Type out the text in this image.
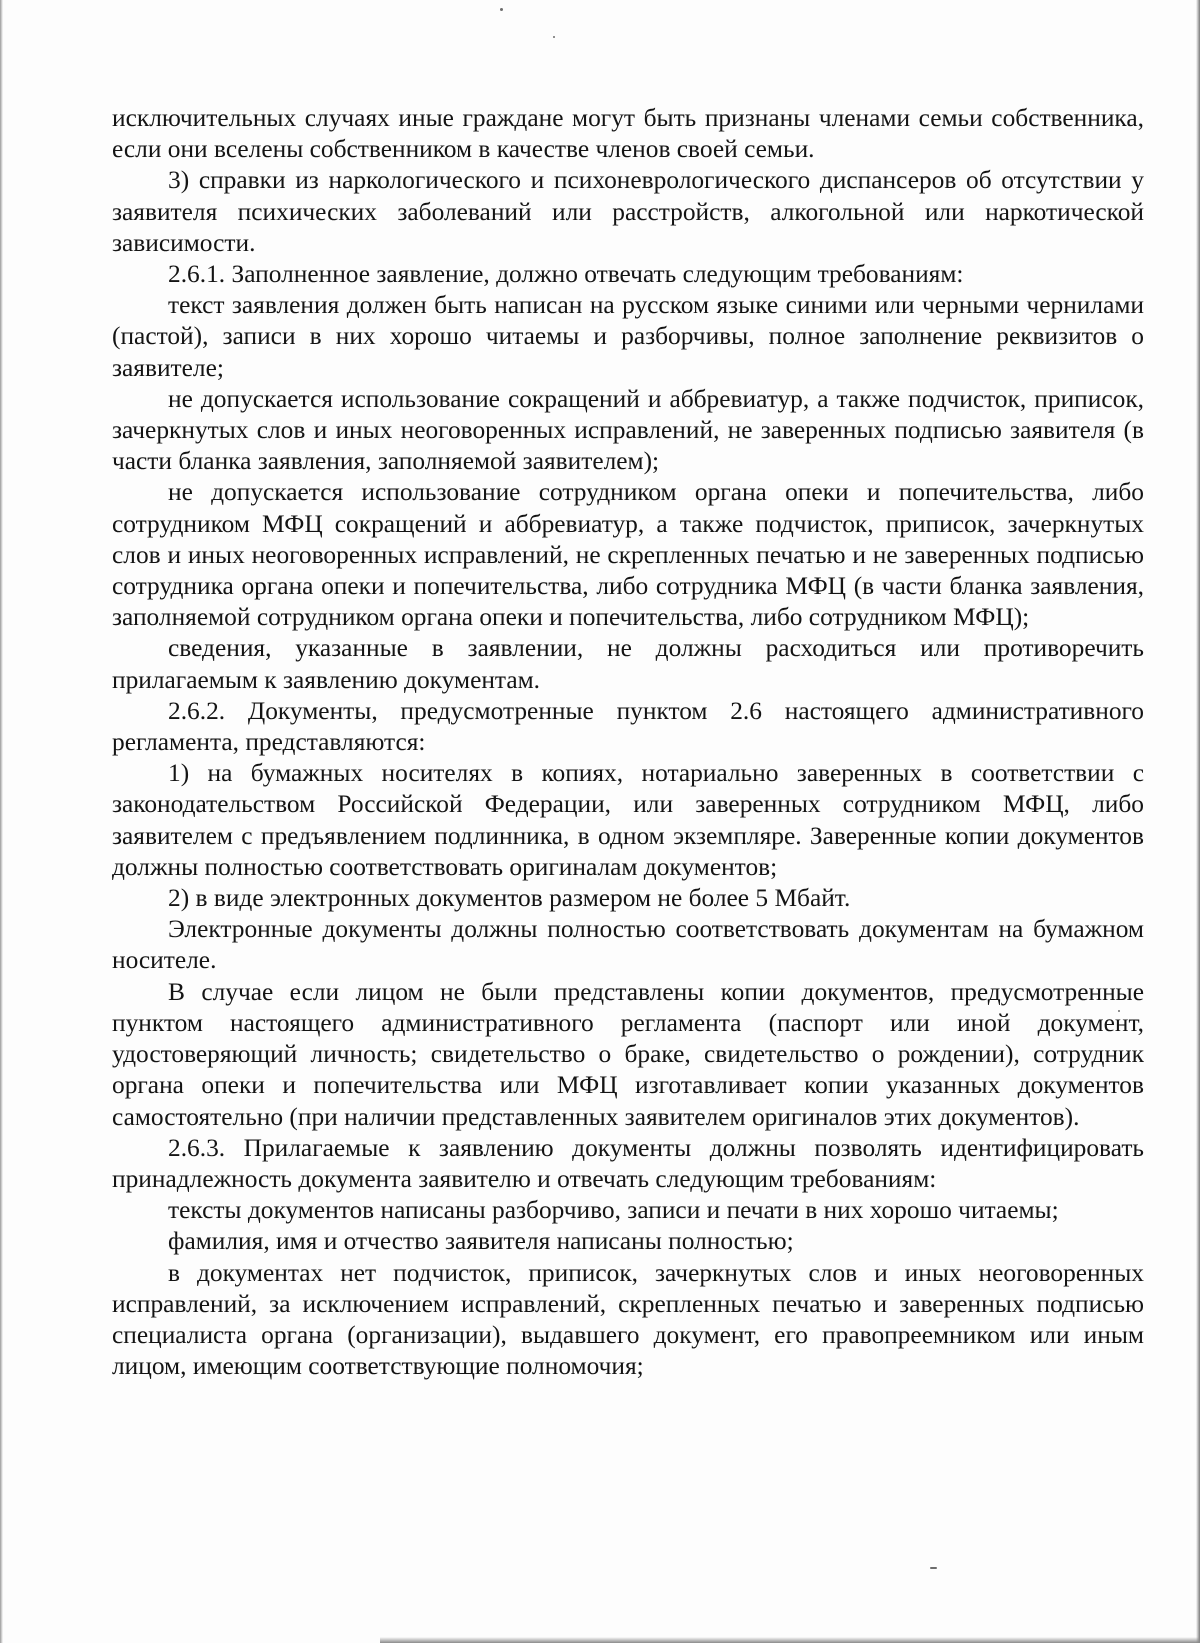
исключительных случаях иные граждане могут быть признаны членами семьи собственника, если они вселены собственником в качестве членов своей семьи.

3) справки из наркологического и психоневрологического диспансеров об отсутствии у заявителя психических заболеваний или расстройств, алкогольной или наркотической зависимости.

2.6.1. Заполненное заявление, должно отвечать следующим требованиям:

текст заявления должен быть написан на русском языке синими или черными чернилами (пастой), записи в них хорошо читаемы и разборчивы, полное заполнение реквизитов о заявителе;

не допускается использование сокращений и аббревиатур, а также подчисток, приписок, зачеркнутых слов и иных неоговоренных исправлений, не заверенных подписью заявителя (в части бланка заявления, заполняемой заявителем);

не допускается использование сотрудником органа опеки и попечительства, либо сотрудником МФЦ сокращений и аббревиатур, а также подчисток, приписок, зачеркнутых слов и иных неоговоренных исправлений, не скрепленных печатью и не заверенных подписью сотрудника органа опеки и попечительства, либо сотрудника МФЦ (в части бланка заявления, заполняемой сотрудником органа опеки и попечительства, либо сотрудником МФЦ);

сведения, указанные в заявлении, не должны расходиться или противоречить прилагаемым к заявлению документам.

2.6.2. Документы, предусмотренные пунктом 2.6 настоящего административного регламента, представляются:

1) на бумажных носителях в копиях, нотариально заверенных в соответствии с законодательством Российской Федерации, или заверенных сотрудником МФЦ, либо заявителем с предъявлением подлинника, в одном экземпляре. Заверенные копии документов должны полностью соответствовать оригиналам документов;

2) в виде электронных документов размером не более 5 Мбайт.

Электронные документы должны полностью соответствовать документам на бумажном носителе.

В случае если лицом не были представлены копии документов, предусмотренные пунктом настоящего административного регламента (паспорт или иной документ, удостоверяющий личность; свидетельство о браке, свидетельство о рождении), сотрудник органа опеки и попечительства или МФЦ изготавливает копии указанных документов самостоятельно (при наличии представленных заявителем оригиналов этих документов).

2.6.3. Прилагаемые к заявлению документы должны позволять идентифицировать принадлежность документа заявителю и отвечать следующим требованиям:

тексты документов написаны разборчиво, записи и печати в них хорошо читаемы;

фамилия, имя и отчество заявителя написаны полностью;

в документах нет подчисток, приписок, зачеркнутых слов и иных неоговоренных исправлений, за исключением исправлений, скрепленных печатью и заверенных подписью специалиста органа (организации), выдавшего документ, его правопреемником или иным лицом, имеющим соответствующие полномочия;
